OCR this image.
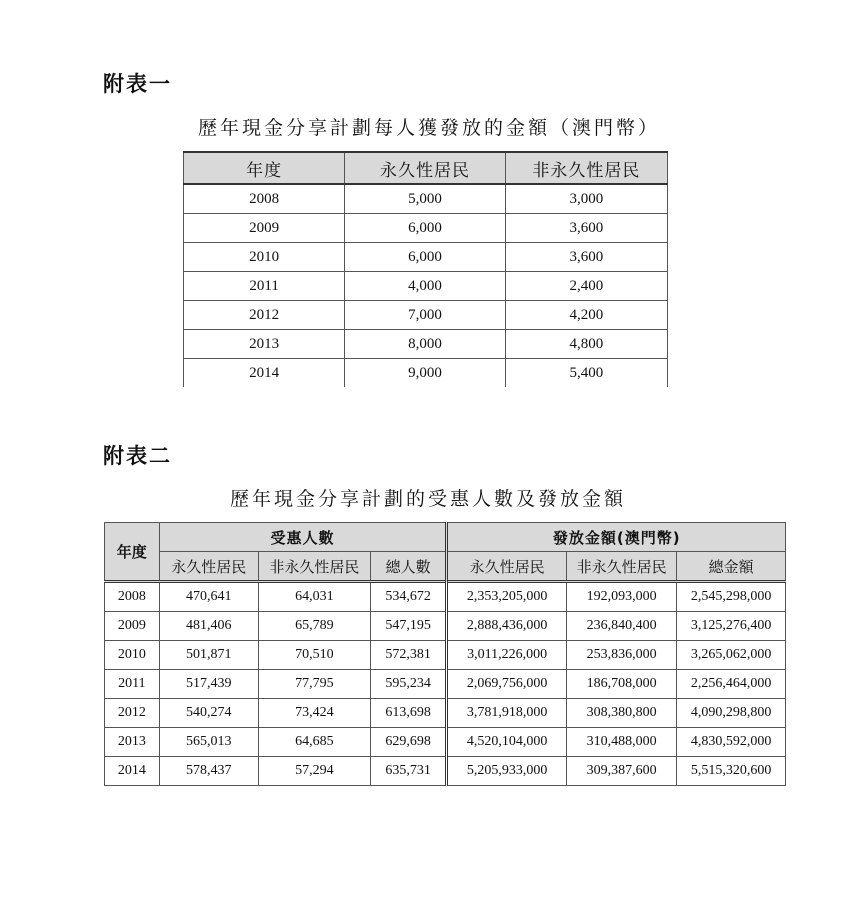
附表一
歷年現金分享計劃每人獲發放的金額（澳門幣）
年度	永久性居民	非永久性居民
2008	5,000	3,000
2009	6,000	3,600
2010	6,000	3,600
2011	4,000	2,400
2012	7,000	4,200
2013	8,000	4,800
2014	9,000	5,400
附表二
歷年現金分享計劃的受惠人數及發放金額
年度	受惠人數			發放金額(澳門幣)		
	永久性居民	非永久性居民	總人數	永久性居民	非永久性居民	總金額
2008	470,641	64,031	534,672	2,353,205,000	192,093,000	2,545,298,000
2009	481,406	65,789	547,195	2,888,436,000	236,840,400	3,125,276,400
2010	501,871	70,510	572,381	3,011,226,000	253,836,000	3,265,062,000
2011	517,439	77,795	595,234	2,069,756,000	186,708,000	2,256,464,000
2012	540,274	73,424	613,698	3,781,918,000	308,380,800	4,090,298,800
2013	565,013	64,685	629,698	4,520,104,000	310,488,000	4,830,592,000
2014	578,437	57,294	635,731	5,205,933,000	309,387,600	5,515,320,600
